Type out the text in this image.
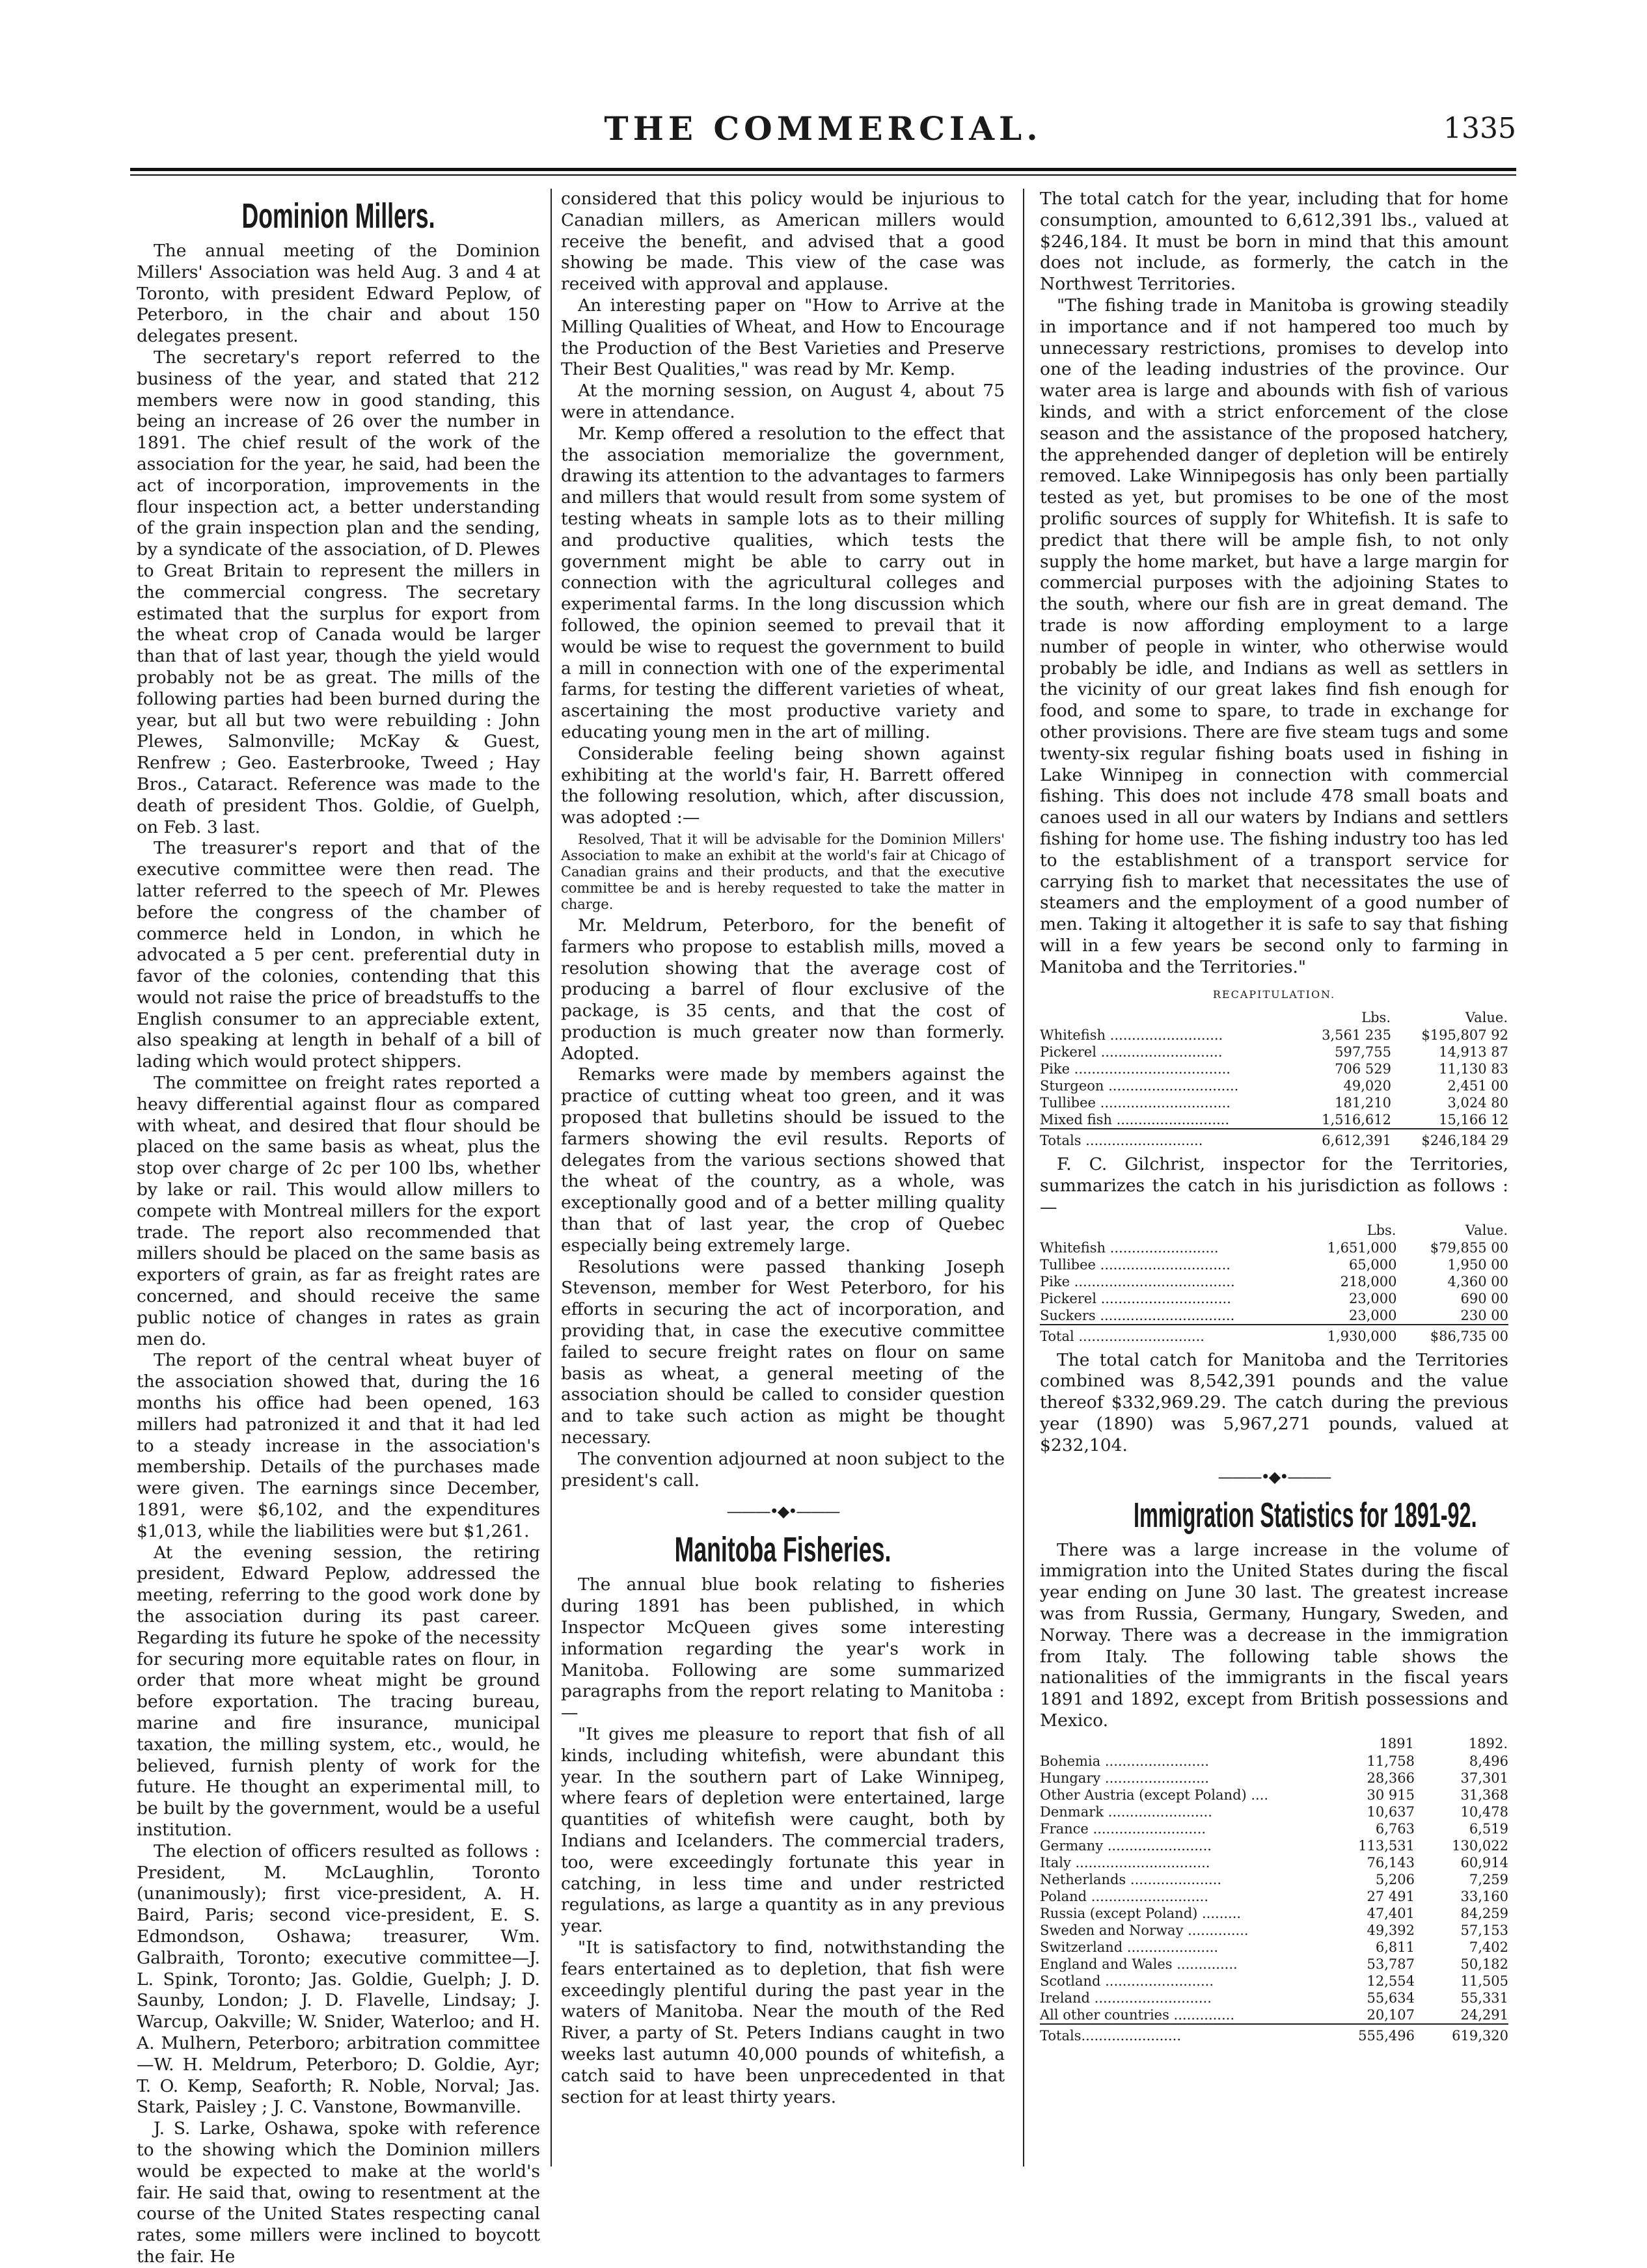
THE COMMERCIAL.	1335
Dominion Millers.

The annual meeting of the Dominion Millers' Association was held Aug. 3 and 4 at Toronto, with president Edward Peplow, of Peterboro, in the chair and about 150 delegates present.

The secretary's report referred to the business of the year, and stated that 212 members were now in good standing, this being an increase of 26 over the number in 1891. The chief result of the work of the association for the year, he said, had been the act of incorporation, improvements in the flour inspection act, a better understanding of the grain inspection plan and the sending, by a syndicate of the association, of D. Plewes to Great Britain to represent the millers in the commercial congress. The secretary estimated that the surplus for export from the wheat crop of Canada would be larger than that of last year, though the yield would probably not be as great. The mills of the following parties had been burned during the year, but all but two were rebuilding : John Plewes, Salmonville; McKay & Guest, Renfrew ; Geo. Easterbrooke, Tweed ; Hay Bros., Cataract. Reference was made to the death of president Thos. Goldie, of Guelph, on Feb. 3 last.

The treasurer's report and that of the executive committee were then read. The latter referred to the speech of Mr. Plewes before the congress of the chamber of commerce held in London, in which he advocated a 5 per cent. preferential duty in favor of the colonies, contending that this would not raise the price of breadstuffs to the English consumer to an appreciable extent, also speaking at length in behalf of a bill of lading which would protect shippers.

The committee on freight rates reported a heavy differential against flour as compared with wheat, and desired that flour should be placed on the same basis as wheat, plus the stop over charge of 2c per 100 lbs, whether by lake or rail. This would allow millers to compete with Montreal millers for the export trade. The report also recommended that millers should be placed on the same basis as exporters of grain, as far as freight rates are concerned, and should receive the same public notice of changes in rates as grain men do.

The report of the central wheat buyer of the association showed that, during the 16 months his office had been opened, 163 millers had patronized it and that it had led to a steady increase in the association's membership. Details of the purchases made were given. The earnings since December, 1891, were $6,102, and the expenditures $1,013, while the liabilities were but $1,261.

At the evening session, the retiring president, Edward Peplow, addressed the meeting, referring to the good work done by the association during its past career. Regarding its future he spoke of the necessity for securing more equitable rates on flour, in order that more wheat might be ground before exportation. The tracing bureau, marine and fire insurance, municipal taxation, the milling system, etc., would, he believed, furnish plenty of work for the future. He thought an experimental mill, to be built by the government, would be a useful institution.

The election of officers resulted as follows : President, M. McLaughlin, Toronto (unanimously); first vice-president, A. H. Baird, Paris; second vice-president, E. S. Edmondson, Oshawa; treasurer, Wm. Galbraith, Toronto; executive committee—J. L. Spink, Toronto; Jas. Goldie, Guelph; J. D. Saunby, London; J. D. Flavelle, Lindsay; J. Warcup, Oakville; W. Snider, Waterloo; and H. A. Mulhern, Peterboro; arbitration committee—W. H. Meldrum, Peterboro; D. Goldie, Ayr; T. O. Kemp, Seaforth; R. Noble, Norval; Jas. Stark, Paisley ; J. C. Vanstone, Bowmanville.

J. S. Larke, Oshawa, spoke with reference to the showing which the Dominion millers would be expected to make at the world's fair. He said that, owing to resentment at the course of the United States respecting canal rates, some millers were inclined to boycott the fair. He

considered that this policy would be injurious to Canadian millers, as American millers would receive the benefit, and advised that a good showing be made. This view of the case was received with approval and applause.

An interesting paper on "How to Arrive at the Milling Qualities of Wheat, and How to Encourage the Production of the Best Varieties and Preserve Their Best Qualities," was read by Mr. Kemp.

At the morning session, on August 4, about 75 were in attendance.

Mr. Kemp offered a resolution to the effect that the association memorialize the government, drawing its attention to the advantages to farmers and millers that would result from some system of testing wheats in sample lots as to their milling and productive qualities, which tests the government might be able to carry out in connection with the agricultural colleges and experimental farms. In the long discussion which followed, the opinion seemed to prevail that it would be wise to request the government to build a mill in connection with one of the experimental farms, for testing the different varieties of wheat, ascertaining the most productive variety and educating young men in the art of milling.

Considerable feeling being shown against exhibiting at the world's fair, H. Barrett offered the following resolution, which, after discussion, was adopted :—

Resolved, That it will be advisable for the Dominion Millers' Association to make an exhibit at the world's fair at Chicago of Canadian grains and their products, and that the executive committee be and is hereby requested to take the matter in charge.

Mr. Meldrum, Peterboro, for the benefit of farmers who propose to establish mills, moved a resolution showing that the average cost of producing a barrel of flour exclusive of the package, is 35 cents, and that the cost of production is much greater now than formerly. Adopted.

Remarks were made by members against the practice of cutting wheat too green, and it was proposed that bulletins should be issued to the farmers showing the evil results. Reports of delegates from the various sections showed that the wheat of the country, as a whole, was exceptionally good and of a better milling quality than that of last year, the crop of Quebec especially being extremely large.

Resolutions were passed thanking Joseph Stevenson, member for West Peterboro, for his efforts in securing the act of incorporation, and providing that, in case the executive committee failed to secure freight rates on flour on same basis as wheat, a general meeting of the association should be called to consider question and to take such action as might be thought necessary.

The convention adjourned at noon subject to the president's call.

———•◆•———
Manitoba Fisheries.

The annual blue book relating to fisheries during 1891 has been published, in which Inspector McQueen gives some interesting information regarding the year's work in Manitoba. Following are some summarized paragraphs from the report relating to Manitoba :—

"It gives me pleasure to report that fish of all kinds, including whitefish, were abundant this year. In the southern part of Lake Winnipeg, where fears of depletion were entertained, large quantities of whitefish were caught, both by Indians and Icelanders. The commercial traders, too, were exceedingly fortunate this year in catching, in less time and under restricted regulations, as large a quantity as in any previous year.

"It is satisfactory to find, notwithstanding the fears entertained as to depletion, that fish were exceedingly plentiful during the past year in the waters of Manitoba. Near the mouth of the Red River, a party of St. Peters Indians caught in two weeks last autumn 40,000 pounds of whitefish, a catch said to have been unprecedented in that section for at least thirty years.

The total catch for the year, including that for home consumption, amounted to 6,612,391 lbs., valued at $246,184. It must be born in mind that this amount does not include, as formerly, the catch in the Northwest Territories.

"The fishing trade in Manitoba is growing steadily in importance and if not hampered too much by unnecessary restrictions, promises to develop into one of the leading industries of the province. Our water area is large and abounds with fish of various kinds, and with a strict enforcement of the close season and the assistance of the proposed hatchery, the apprehended danger of depletion will be entirely removed. Lake Winnipegosis has only been partially tested as yet, but promises to be one of the most prolific sources of supply for Whitefish. It is safe to predict that there will be ample fish, to not only supply the home market, but have a large margin for commercial purposes with the adjoining States to the south, where our fish are in great demand. The trade is now affording employment to a large number of people in winter, who otherwise would probably be idle, and Indians as well as settlers in the vicinity of our great lakes find fish enough for food, and some to spare, to trade in exchange for other provisions. There are five steam tugs and some twenty-six regular fishing boats used in fishing in Lake Winnipeg in connection with commercial fishing. This does not include 478 small boats and canoes used in all our waters by Indians and settlers fishing for home use. The fishing industry too has led to the establishment of a transport service for carrying fish to market that necessitates the use of steamers and the employment of a good number of men. Taking it altogether it is safe to say that fishing will in a few years be second only to farming in Manitoba and the Territories."

RECAPITULATION.
	Lbs.	Value.
Whitefish ..........................	3,561 235	$195,807 92
Pickerel ............................	597,755	14,913 87
Pike ....................................	706 529	11,130 83
Sturgeon ..............................	49,020	2,451 00
Tullibee ..............................	181,210	3,024 80
Mixed fish ..........................	1,516,612	15,166 12
Totals ...........................	6,612,391	$246,184 29

F. C. Gilchrist, inspector for the Territories, summarizes the catch in his jurisdiction as follows :—

	Lbs.	Value.
Whitefish .........................	1,651,000	$79,855 00
Tullibee ..............................	65,000	1,950 00
Pike .....................................	218,000	4,360 00
Pickerel ..............................	23,000	690 00
Suckers ...............................	23,000	230 00
Total .............................	1,930,000	$86,735 00

The total catch for Manitoba and the Territories combined was 8,542,391 pounds and the value thereof $332,969.29. The catch during the previous year (1890) was 5,967,271 pounds, valued at $232,104.

———•◆•———
Immigration Statistics for 1891-92.

There was a large increase in the volume of immigration into the United States during the fiscal year ending on June 30 last. The greatest increase was from Russia, Germany, Hungary, Sweden, and Norway. There was a decrease in the immigration from Italy. The following table shows the nationalities of the immigrants in the fiscal years 1891 and 1892, except from British possessions and Mexico.

	1891	1892.
Bohemia ........................	11,758	8,496
Hungary ........................	28,366	37,301
Other Austria (except Poland) ....	30 915	31,368
Denmark ........................	10,637	10,478
France ..........................	6,763	6,519
Germany ........................	113,531	130,022
Italy ...............................	76,143	60,914
Netherlands .....................	5,206	7,259
Poland ...........................	27 491	33,160
Russia (except Poland) .........	47,401	84,259
Sweden and Norway ..............	49,392	57,153
Switzerland .....................	6,811	7,402
England and Wales ..............	53,787	50,182
Scotland .........................	12,554	11,505
Ireland ...........................	55,634	55,331
All other countries ..............	20,107	24,291
Totals.......................	555,496	619,320
